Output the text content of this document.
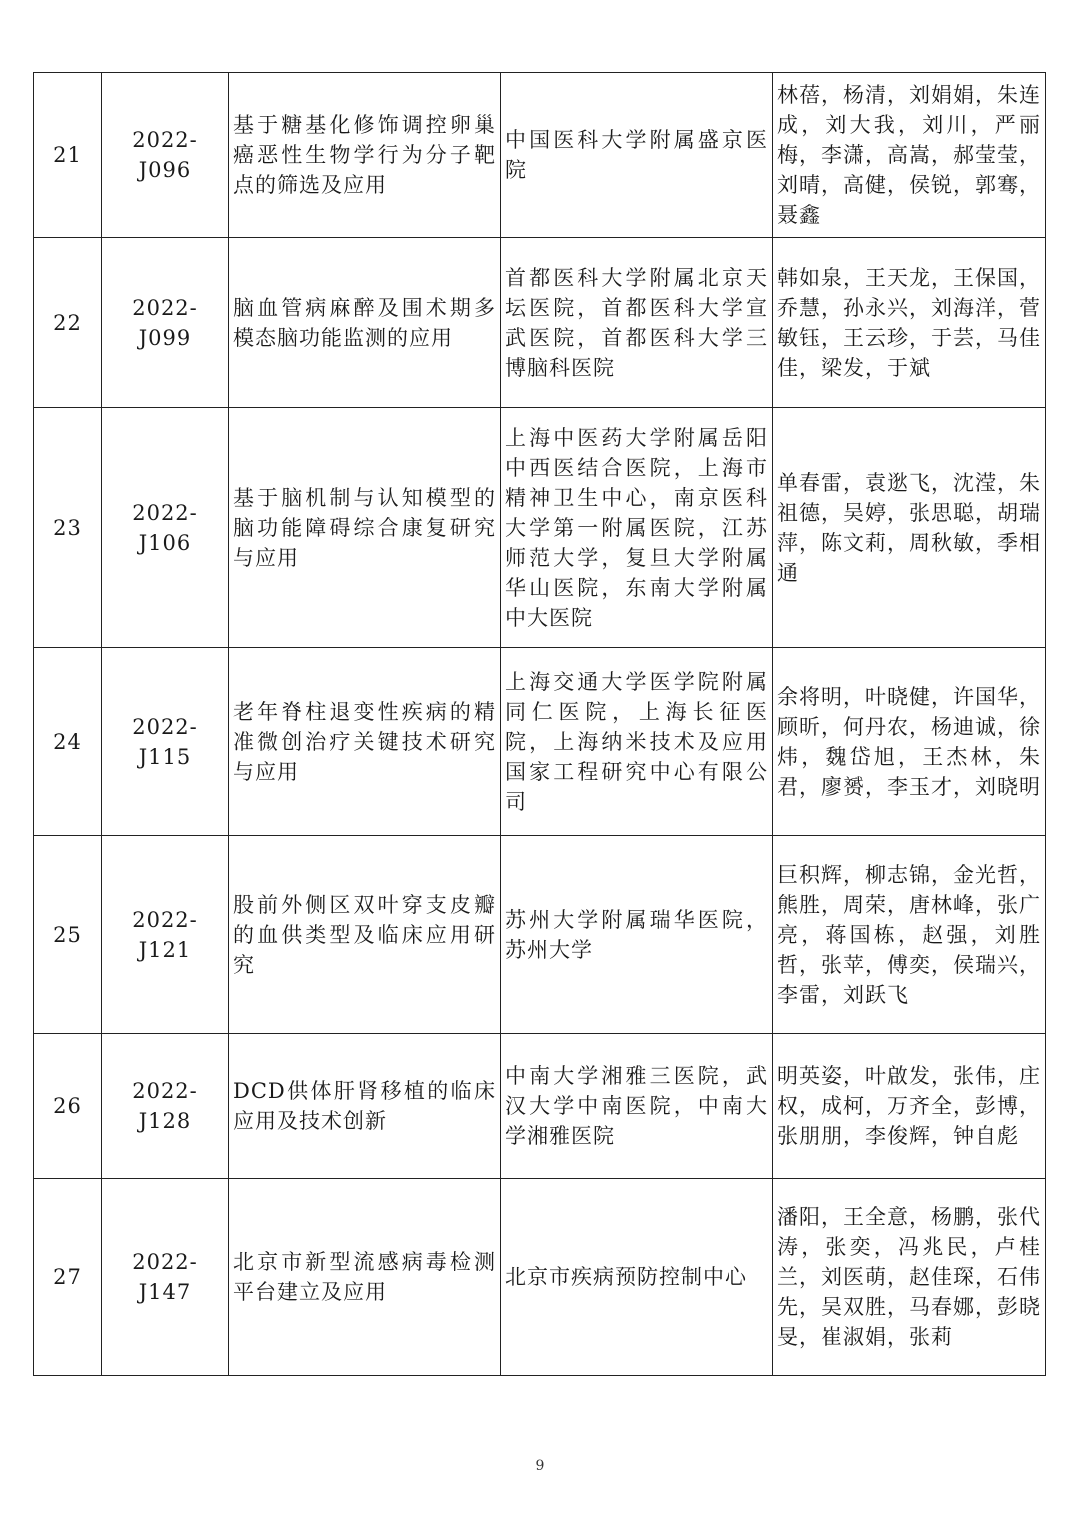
21	2022-J096	基于糖基化修饰调控卵巢癌恶性生物学行为分子靶点的筛选及应用	中国医科大学附属盛京医院	林蓓，杨清，刘娟娟，朱连成，刘大我，刘川，严丽梅，李潇，高嵩，郝莹莹，刘晴，高健，侯锐，郭骞，聂鑫
22	2022-J099	脑血管病麻醉及围术期多模态脑功能监测的应用	首都医科大学附属北京天坛医院，首都医科大学宣武医院，首都医科大学三博脑科医院	韩如泉，王天龙，王保国，乔慧，孙永兴，刘海洋，菅敏钰，王云珍，于芸，马佳佳，梁发，于斌
23	2022-J106	基于脑机制与认知模型的脑功能障碍综合康复研究与应用	上海中医药大学附属岳阳中西医结合医院，上海市精神卫生中心，南京医科大学第一附属医院，江苏师范大学，复旦大学附属华山医院，东南大学附属中大医院	单春雷，袁逖飞，沈滢，朱祖德，吴婷，张思聪，胡瑞萍，陈文莉，周秋敏，季相通
24	2022-J115	老年脊柱退变性疾病的精准微创治疗关键技术研究与应用	上海交通大学医学院附属同仁医院，上海长征医院，上海纳米技术及应用国家工程研究中心有限公司	余将明，叶晓健，许国华，顾昕，何丹农，杨迪诚，徐炜，魏岱旭，王杰林，朱君，廖赟，李玉才，刘晓明
25	2022-J121	股前外侧区双叶穿支皮瓣的血供类型及临床应用研究	苏州大学附属瑞华医院，苏州大学	巨积辉，柳志锦，金光哲，熊胜，周荣，唐林峰，张广亮，蒋国栋，赵强，刘胜哲，张苹，傅奕，侯瑞兴，李雷，刘跃飞
26	2022-J128	DCD供体肝肾移植的临床应用及技术创新	中南大学湘雅三医院，武汉大学中南医院，中南大学湘雅医院	明英姿，叶啟发，张伟，庄权，成柯，万齐全，彭博，张朋朋，李俊辉，钟自彪
27	2022-J147	北京市新型流感病毒检测平台建立及应用	北京市疾病预防控制中心	潘阳，王全意，杨鹏，张代涛，张奕，冯兆民，卢桂兰，刘医萌，赵佳琛，石伟先，吴双胜，马春娜，彭晓旻，崔淑娟，张莉
9
